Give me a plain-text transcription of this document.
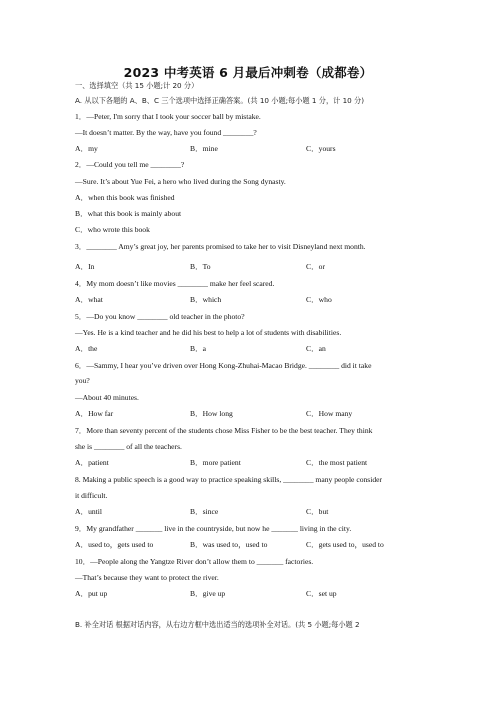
2023 中考英语 6 月最后冲刺卷（成都卷）
一、选择填空（共 15 小题;计 20 分）
A. 从以下各题的 A、B、C 三个选项中选择正确答案。(共 10 小题;每小题 1 分，计 10 分)
1．—Peter, I'm sorry that I took your soccer ball by mistake.
—It doesn’t matter. By the way, have you found ________?
A．my	B．mine	C．yours
2．—Could you tell me ________?
—Sure. It’s about Yue Fei, a hero who lived during the Song dynasty.
A．when this book was finished
B．what this book is mainly about
C．who wrote this book
3．________ Amy’s great joy, her parents promised to take her to visit Disneyland next month.
A．In	B．To	C．or
4．My mom doesn’t like movies ________ make her feel scared.
A．what	B．which	C．who
5．—Do you know ________ old teacher in the photo?
—Yes. He is a kind teacher and he did his best to help a lot of students with disabilities.
A．the	B．a	C．an
6．—Sammy, I hear you’ve driven over Hong Kong-Zhuhai-Macao Bridge. ________ did it take
you?
—About 40 minutes.
A．How far	B．How long	C．How many
7．More than seventy percent of the students chose Miss Fisher to be the best teacher. They think
she is ________ of all the teachers.
A．patient	B．more patient	C．the most patient
8. Making a public speech is a good way to practice speaking skills, ________ many people consider
it difficult.
A．until	B．since	C．but
9．My grandfather _______ live in the countryside, but now he _______ living in the city.
A．used to，gets used to	B．was used to，used to	C．gets used to，used to
10．—People along the Yangtze River don’t allow them to _______ factories.
—That’s because they want to protect the river.
A．put up	B．give up	C．set up
B. 补全对话 根据对话内容，从右边方框中选出适当的选项补全对话。(共 5 小题;每小题 2
